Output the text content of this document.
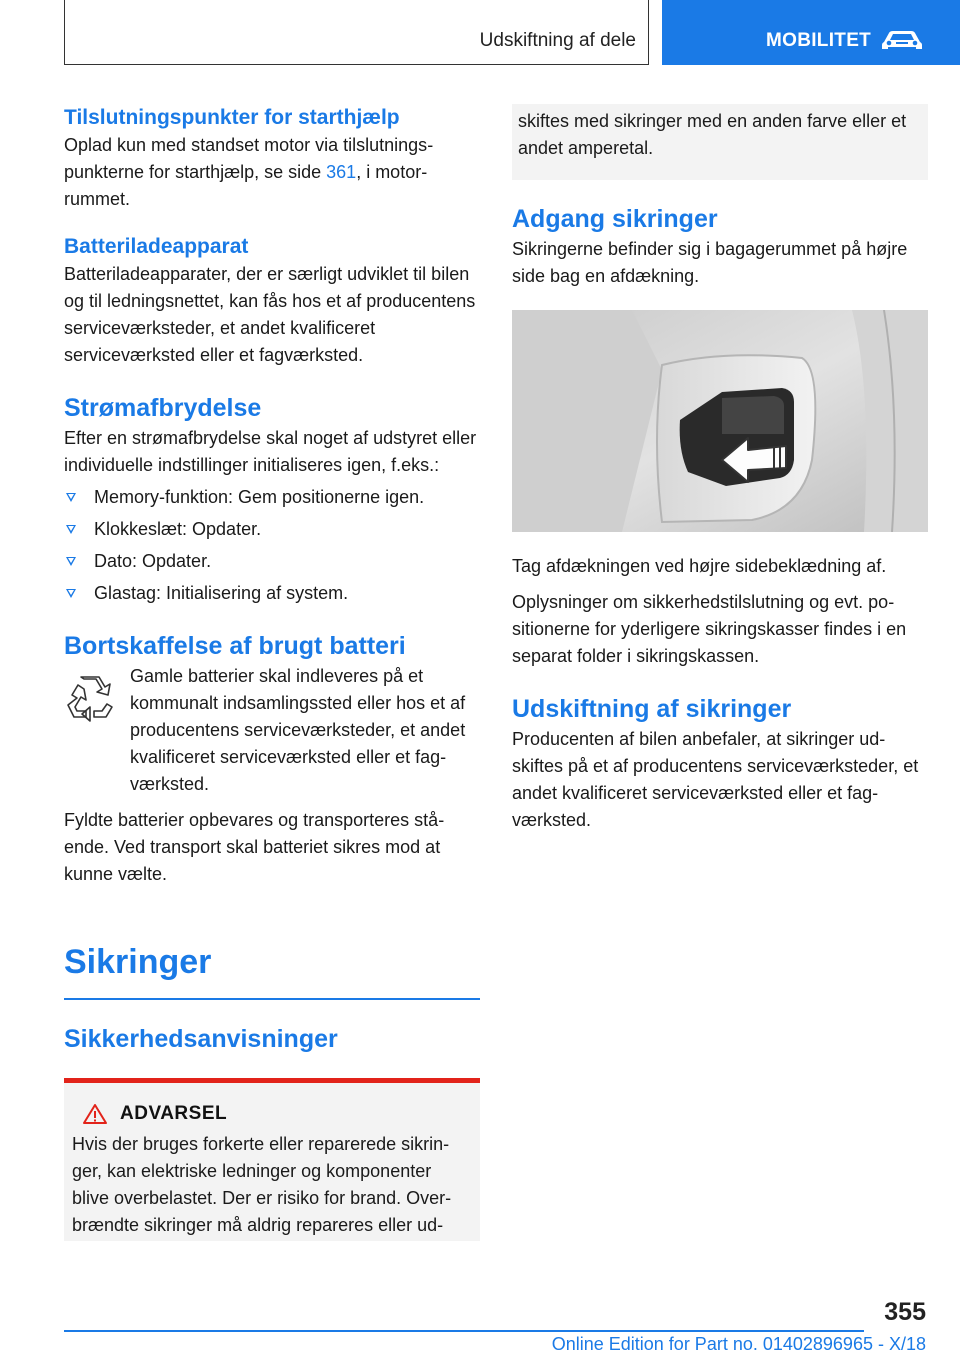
Udskiftning af dele	MOBILITET
Tilslutningspunkter for starthjælp

Oplad kun med standset motor via tilslutningspunkterne for starthjælp, se side 361, i motorrummet.

Batteriladeapparat

Batteriladeapparater, der er særligt udviklet til bilen og til ledningsnettet, kan fås hos et af producentens serviceværksteder, et andet kvalificeret serviceværksted eller et fagværksted.

Strømafbrydelse

Efter en strømafbrydelse skal noget af udstyret eller individuelle indstillinger initialiseres igen, f.eks.:

Memory-funktion: Gem positionerne igen.
Klokkeslæt: Opdater.
Dato: Opdater.
Glastag: Initialisering af system.
Bortskaffelse af brugt batteri

Gamle batterier skal indleveres på et kommunalt indsamlingssted eller hos et af producentens serviceværksteder, et andet kvalificeret serviceværksted eller et fagværksted.

Fyldte batterier opbevares og transporteres stående. Ved transport skal batteriet sikres mod at kunne vælte.

Sikringer
Sikkerhedsanvisninger
ADVARSEL

Hvis der bruges forkerte eller reparerede sikringer, kan elektriske ledninger og komponenter blive overbelastet. Der er risiko for brand. Overbrændte sikringer må aldrig repareres eller ud-

skiftes med sikringer med en anden farve eller et andet amperetal.

Adgang sikringer

Sikringerne befinder sig i bagagerummet på højre side bag en afdækning.

Tag afdækningen ved højre sidebeklædning af.

Oplysninger om sikkerhedstilslutning og evt. positionerne for yderligere sikringskasser findes i en separat folder i sikringskassen.

Udskiftning af sikringer

Producenten af bilen anbefaler, at sikringer udskiftes på et af producentens serviceværksteder, et andet kvalificeret serviceværksted eller et fagværksted.

355
Online Edition for Part no. 01402896965 - X/18
